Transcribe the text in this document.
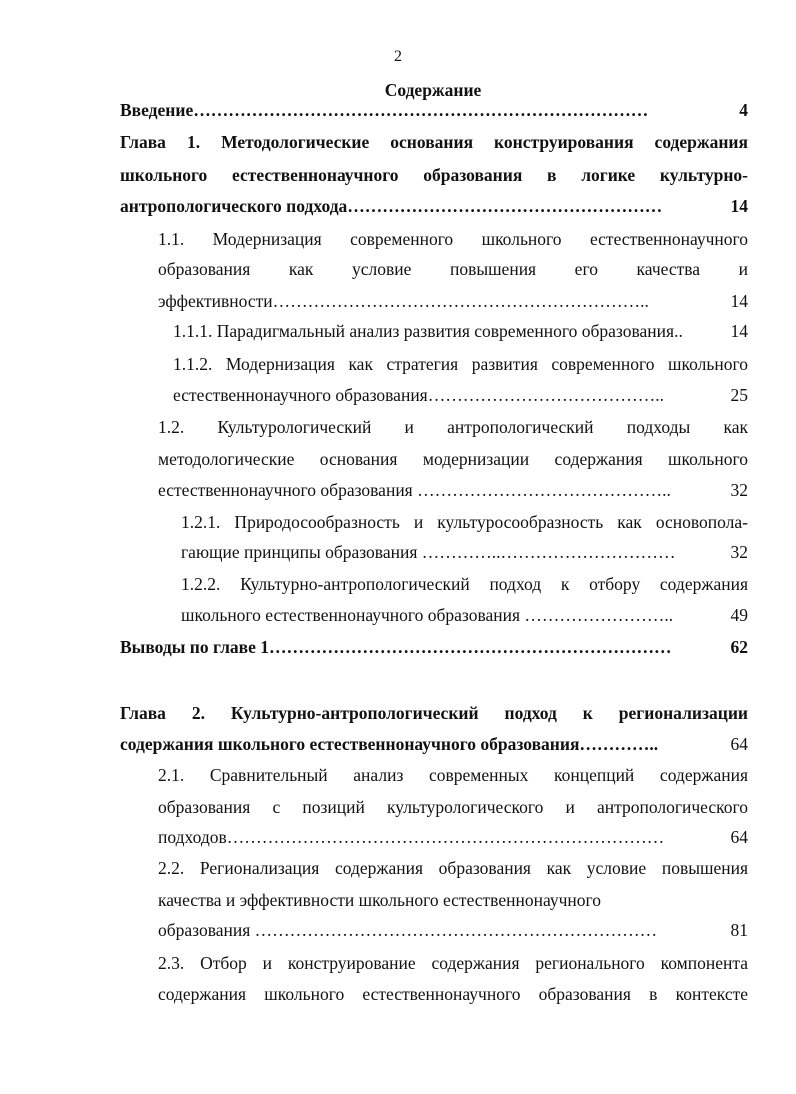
2
Содержание
Введение……………………………………………………………………	4
Глава 1. Методологические основания конструирования содержания
школьного естественнонаучного образования в логике культурно-
антропологического подхода………………………………………………	14
1.1. Модернизация современного школьного естественнонаучного
образования как условие повышения его качества и
эффективности………………………………………………………..	14
1.1.1. Парадигмальный анализ развития современного образования..	14
1.1.2. Модернизация как стратегия развития современного школьного
естественнонаучного образования…………………………………..	25
1.2. Культурологический и антропологический подходы как
методологические основания модернизации содержания школьного
естественнонаучного образования ……………………………………..	32
1.2.1. Природосообразность и культуросообразность как основопола-
гающие принципы образования …………..…………………………	32
1.2.2. Культурно-антропологический подход к отбору содержания
школьного естественнонаучного образования ……………………..	49
Выводы по главе 1……………………………………………………………	62
Глава 2. Культурно-антропологический подход к регионализации
содержания школьного естественнонаучного образования…………..	64
2.1. Сравнительный анализ современных концепций содержания
образования с позиций культурологического и антропологического
подходов…………………………………………………………………	64
2.2. Регионализация содержания образования как условие повышения
качества и эффективности школьного естественнонаучного
образования ……………………………………………………………	81
2.3. Отбор и конструирование содержания регионального компонента
содержания школьного естественнонаучного образования в контексте
